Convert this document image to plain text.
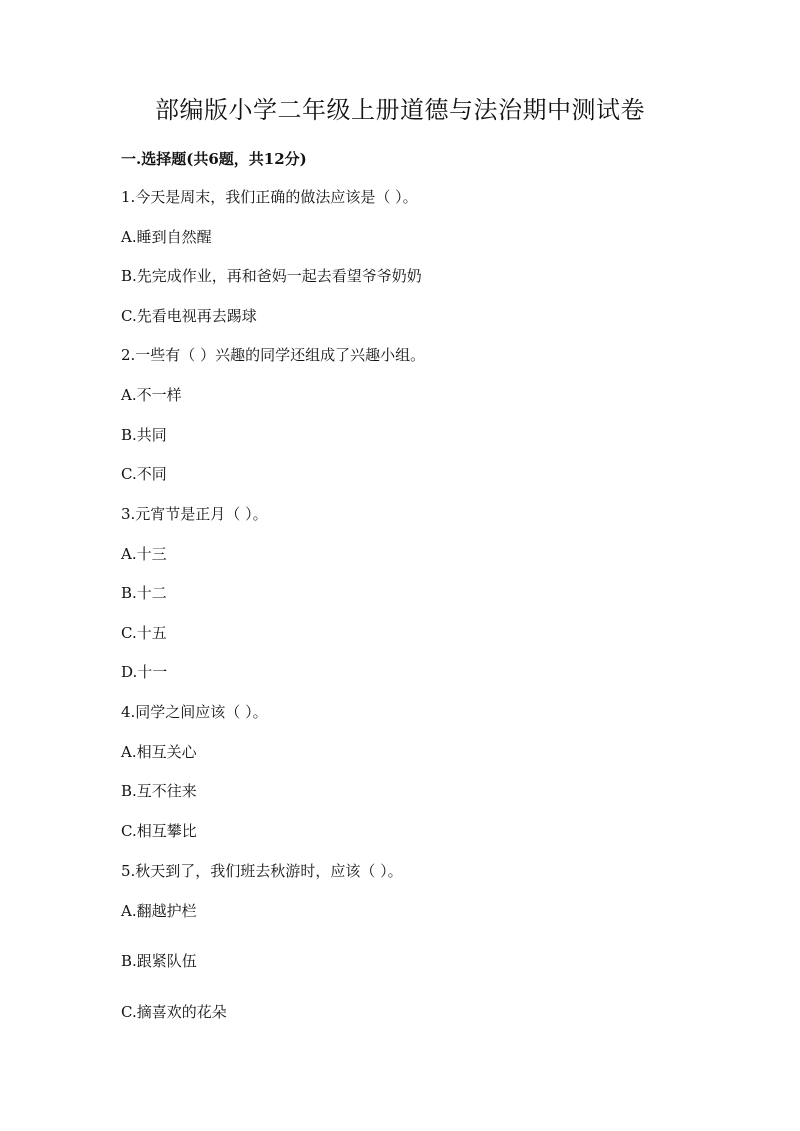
部编版小学二年级上册道德与法治期中测试卷

一.选择题(共6题，共12分)

1.今天是周末，我们正确的做法应该是（ ）。

A.睡到自然醒

B.先完成作业，再和爸妈一起去看望爷爷奶奶

C.先看电视再去踢球

2.一些有（ ）兴趣的同学还组成了兴趣小组。

A.不一样

B.共同

C.不同

3.元宵节是正月（ ）。

A.十三

B.十二

C.十五

D.十一

4.同学之间应该（ ）。

A.相互关心

B.互不往来

C.相互攀比

5.秋天到了，我们班去秋游时，应该（ ）。

A.翻越护栏

B.跟紧队伍

C.摘喜欢的花朵
